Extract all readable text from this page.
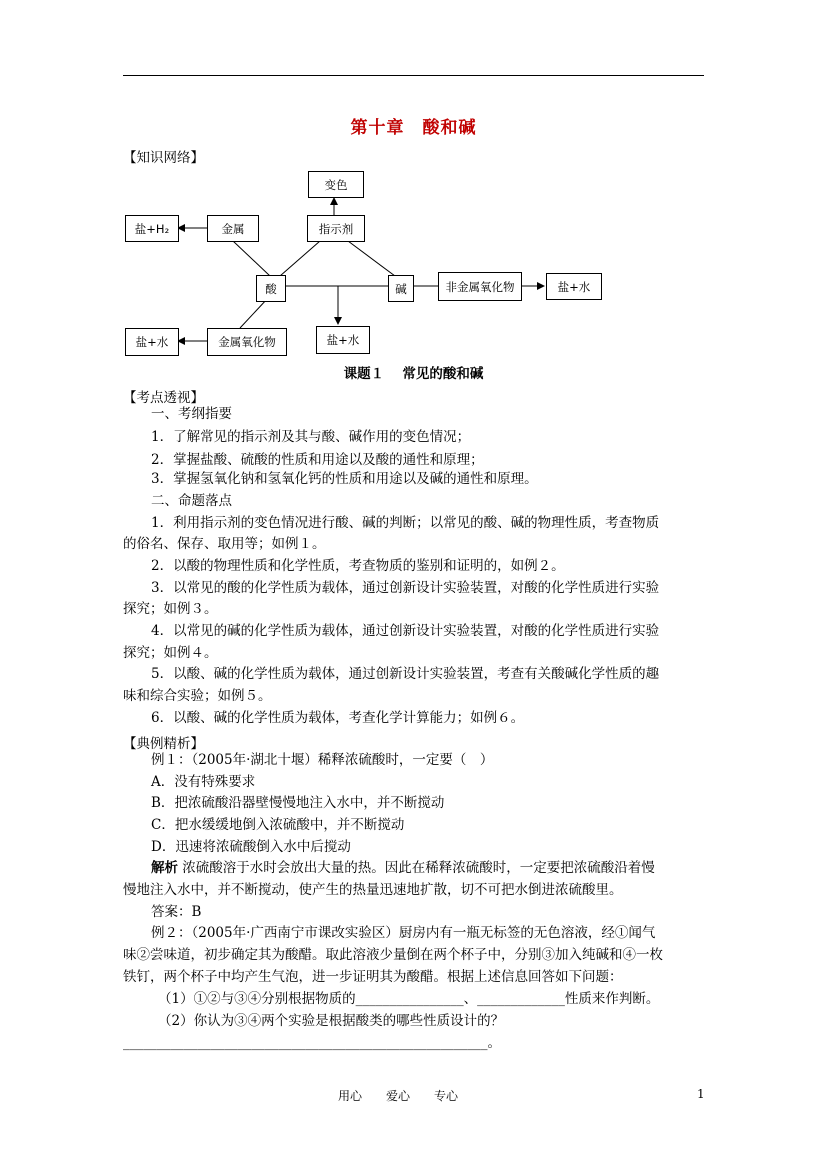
第十章　酸和碱
【知识网络】
变色
盐+H₂	金属	指示剂
酸	碱	非金属氧化物	盐+水
盐+水	金属氧化物	盐+水
课题１　 常见的酸和碱
【考点透视】
一、考纲指要
1．了解常见的指示剂及其与酸、碱作用的变色情况；
2．掌握盐酸、硫酸的性质和用途以及酸的通性和原理；
3．掌握氢氧化钠和氢氧化钙的性质和用途以及碱的通性和原理。
二、命题落点
1．利用指示剂的变色情况进行酸、碱的判断；以常见的酸、碱的物理性质，考查物质
的俗名、保存、取用等；如例１。
2．以酸的物理性质和化学性质，考查物质的鉴别和证明的，如例２。
3．以常见的酸的化学性质为载体，通过创新设计实验装置，对酸的化学性质进行实验
探究；如例３。
4．以常见的碱的化学性质为载体，通过创新设计实验装置，对酸的化学性质进行实验
探究；如例４。
5．以酸、碱的化学性质为载体，通过创新设计实验装置，考查有关酸碱化学性质的趣
味和综合实验；如例５。
6．以酸、碱的化学性质为载体，考查化学计算能力；如例６。
【典例精析】
例１：（2005年·湖北十堰）稀释浓硫酸时，一定要（　）
A．没有特殊要求
B．把浓硫酸沿器壁慢慢地注入水中，并不断搅动
C．把水缓缓地倒入浓硫酸中，并不断搅动
D．迅速将浓硫酸倒入水中后搅动
解析 浓硫酸溶于水时会放出大量的热。因此在稀释浓硫酸时，一定要把浓硫酸沿着慢
慢地注入水中，并不断搅动，使产生的热量迅速地扩散，切不可把水倒进浓硫酸里。
答案：B
例２：（2005年·广西南宁市课改实验区）厨房内有一瓶无标签的无色溶液，经①闻气
味②尝味道，初步确定其为酸醋。取此溶液少量倒在两个杯子中，分别③加入纯碱和④一枚
铁钉，两个杯子中均产生气泡，进一步证明其为酸醋。根据上述信息回答如下问题：
（1）①②与③④分别根据物质的________________、_____________性质来作判断。
（2）你认为③④两个实验是根据酸类的哪些性质设计的？
______________________________________________________。
用心　　爱心　　专心	1
